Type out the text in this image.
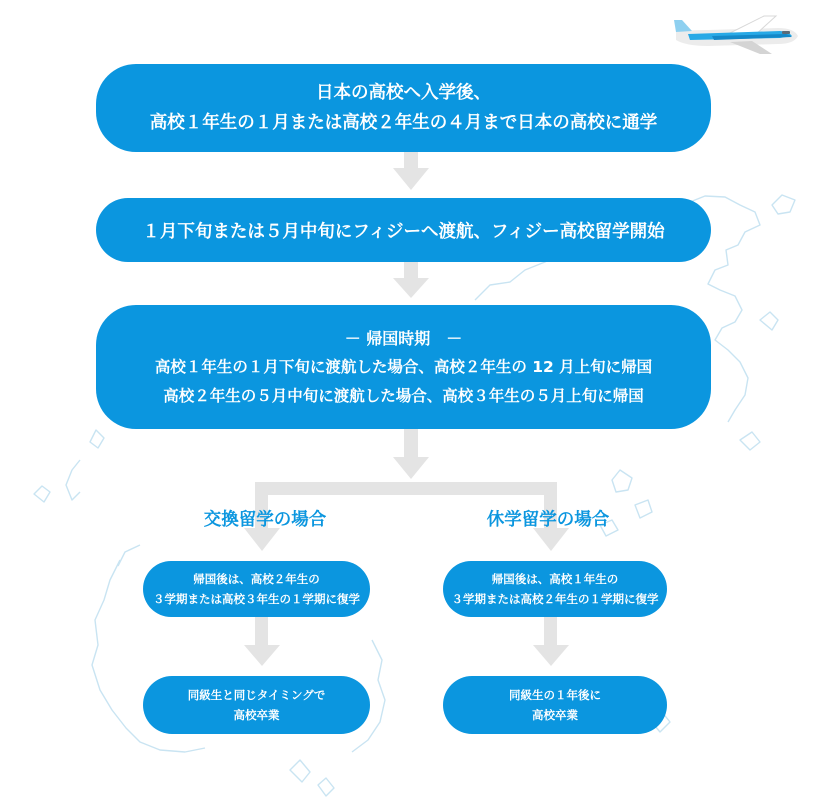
日本の高校へ入学後、
高校１年生の１月または高校２年生の４月まで日本の高校に通学
１月下旬または５月中旬にフィジーへ渡航、フィジー高校留学開始
－ 帰国時期　－
高校１年生の１月下旬に渡航した場合、高校２年生の 12 月上旬に帰国
高校２年生の５月中旬に渡航した場合、高校３年生の５月上旬に帰国
交換留学の場合	休学留学の場合
帰国後は、高校２年生の
３学期または高校３年生の１学期に復学
帰国後は、高校１年生の
３学期または高校２年生の１学期に復学
同級生と同じタイミングで
高校卒業
同級生の１年後に
高校卒業
